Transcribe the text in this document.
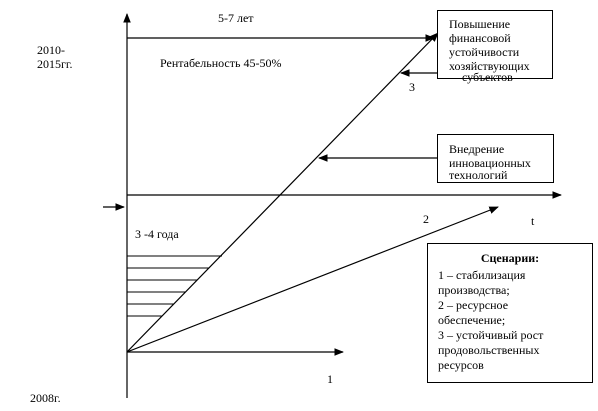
5-7 лет
2010-
2015гг.	Рентабельность 45-50%
3 -4 года
2008г.
t
1
2
3
Повышение
финансовой
устойчивости
хозяйствующих
субъектов
Внедрение
инновационных
технологий
Сценарии:
1 – стабилизация
производства;
2 – ресурсное
обеспечение;
3 – устойчивый рост
продовольственных
ресурсов
